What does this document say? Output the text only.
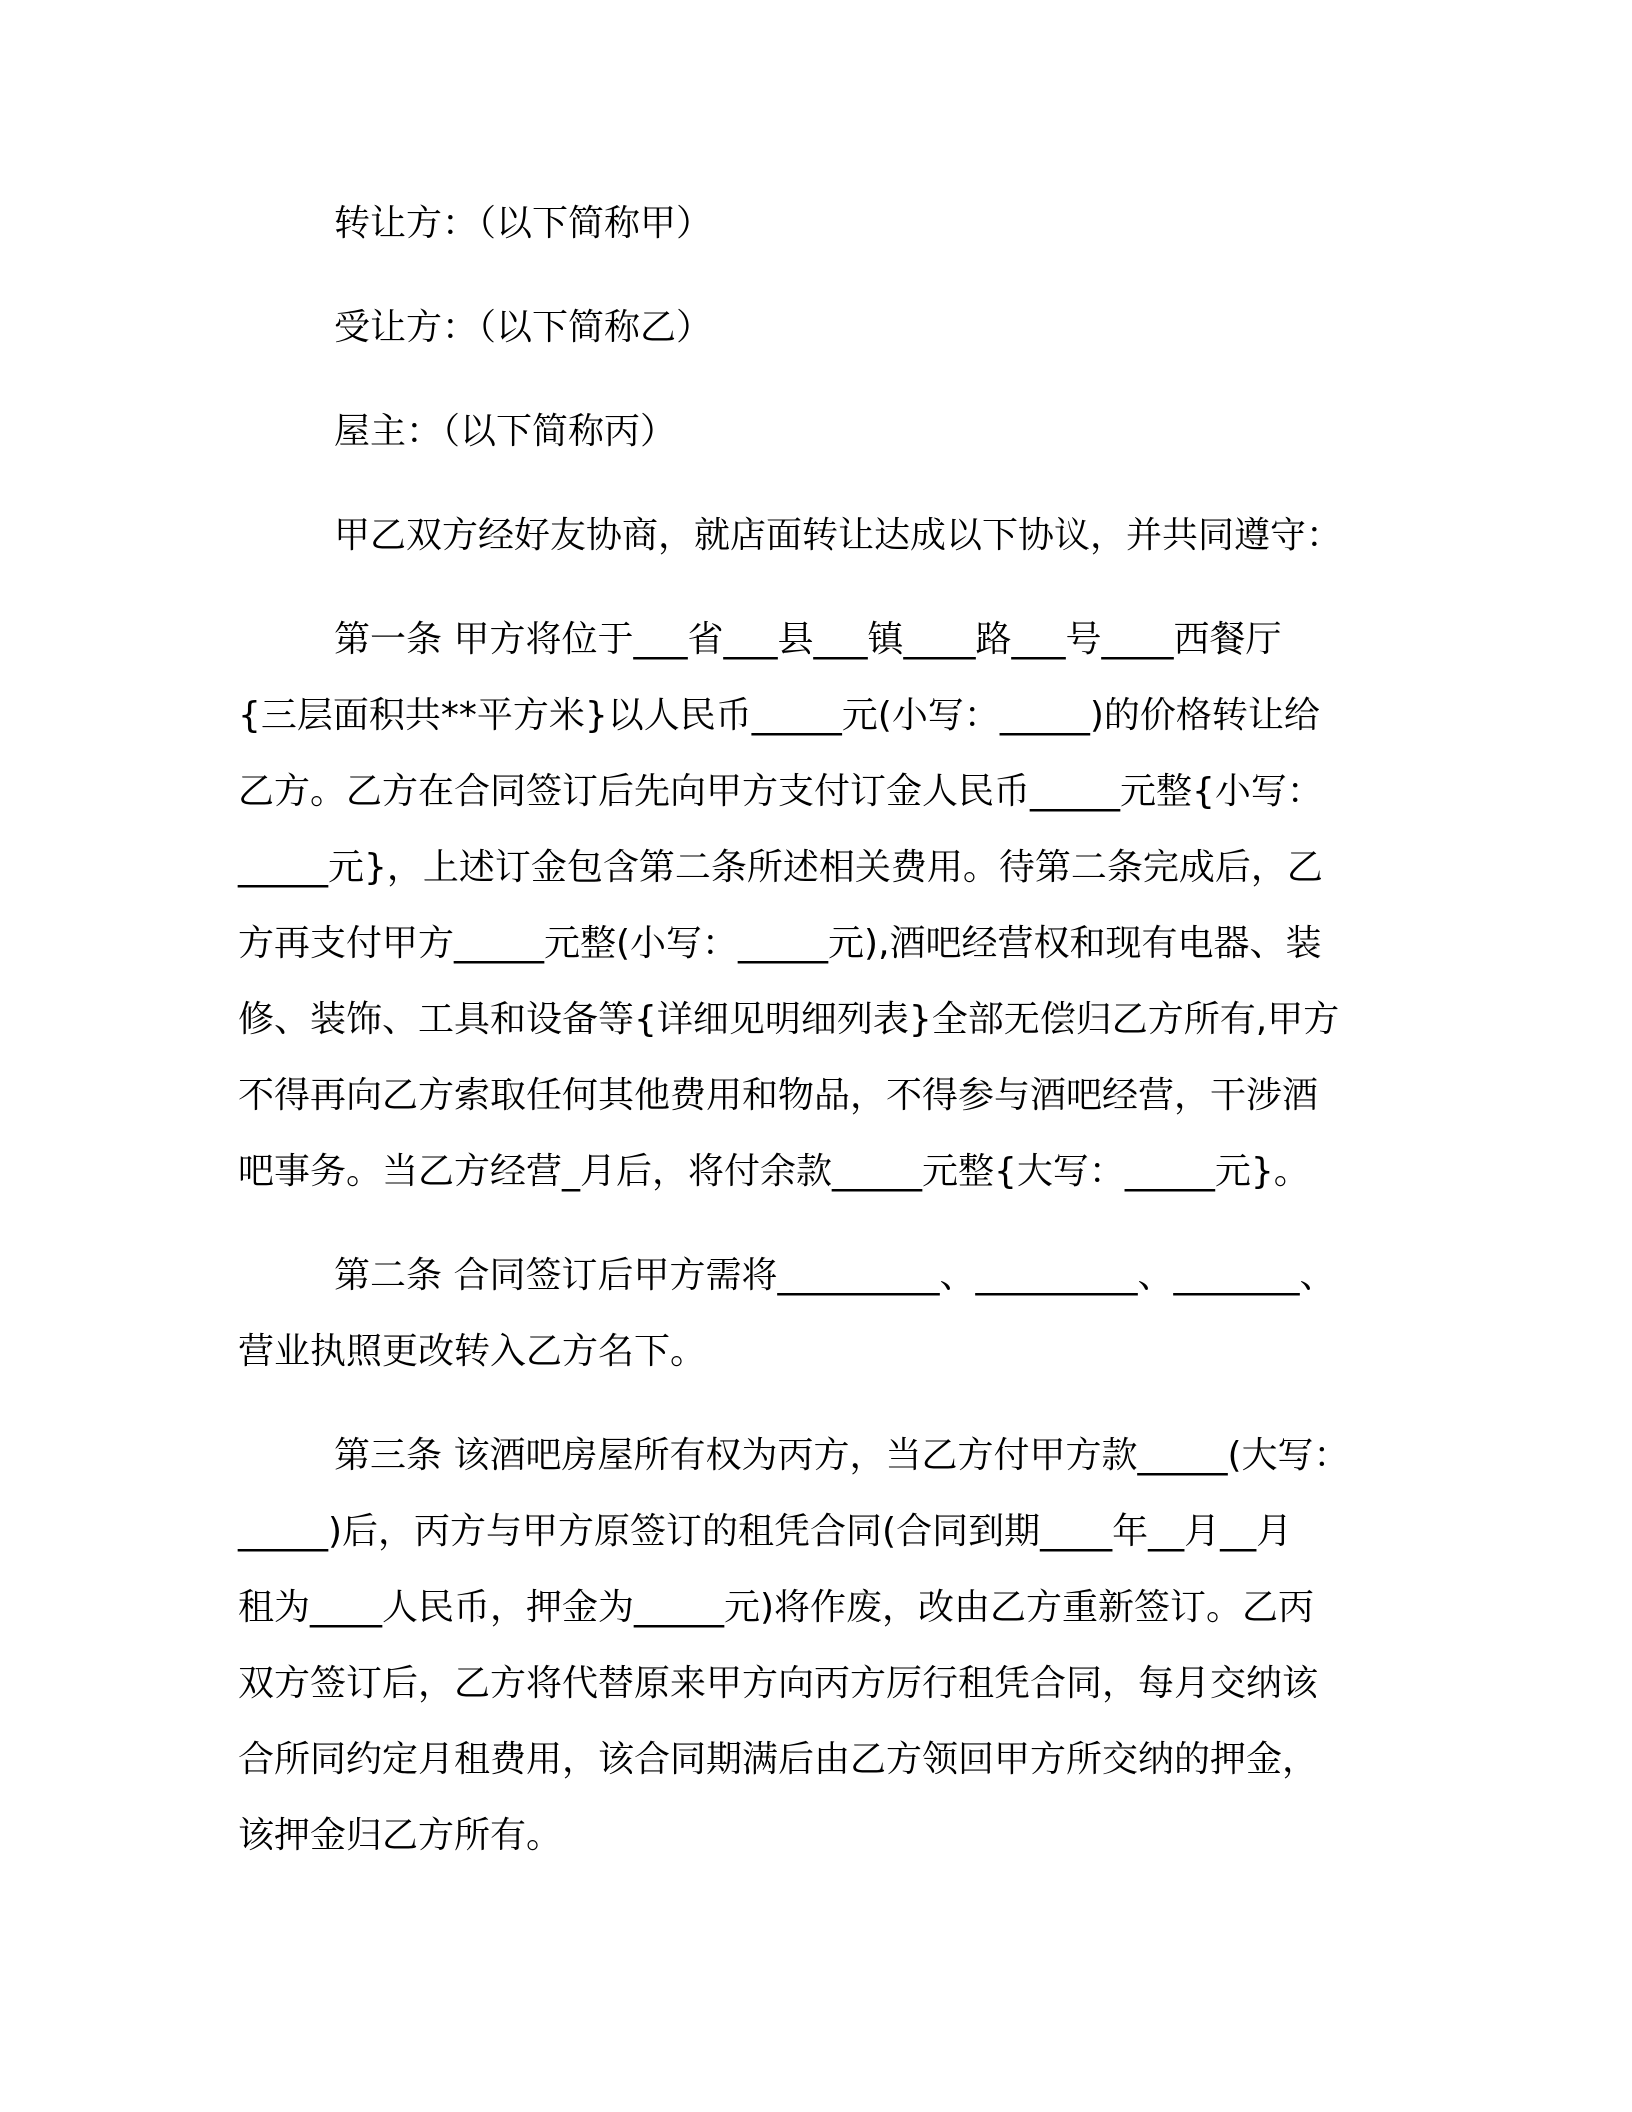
转让方：（以下简称甲）

受让方：（以下简称乙）

屋主：（以下简称丙）

甲乙双方经好友协商，就店面转让达成以下协议，并共同遵守：

第一条 甲方将位于___省___县___镇____路___号____西餐厅

{三层面积共**平方米}以人民币_____元(小写：_____)的价格转让给

乙方。乙方在合同签订后先向甲方支付订金人民币_____元整{小写：

_____元}，上述订金包含第二条所述相关费用。待第二条完成后，乙

方再支付甲方_____元整(小写：_____元),酒吧经营权和现有电器、装

修、装饰、工具和设备等{详细见明细列表}全部无偿归乙方所有,甲方

不得再向乙方索取任何其他费用和物品，不得参与酒吧经营，干涉酒

吧事务。当乙方经营_月后，将付余款_____元整{大写：_____元}。

第二条 合同签订后甲方需将_________、_________、_______、

营业执照更改转入乙方名下。

第三条 该酒吧房屋所有权为丙方，当乙方付甲方款_____(大写：

_____)后，丙方与甲方原签订的租凭合同(合同到期____年__月__月

租为____人民币，押金为_____元)将作废，改由乙方重新签订。乙丙

双方签订后，乙方将代替原来甲方向丙方厉行租凭合同，每月交纳该

合所同约定月租费用，该合同期满后由乙方领回甲方所交纳的押金，

该押金归乙方所有。
